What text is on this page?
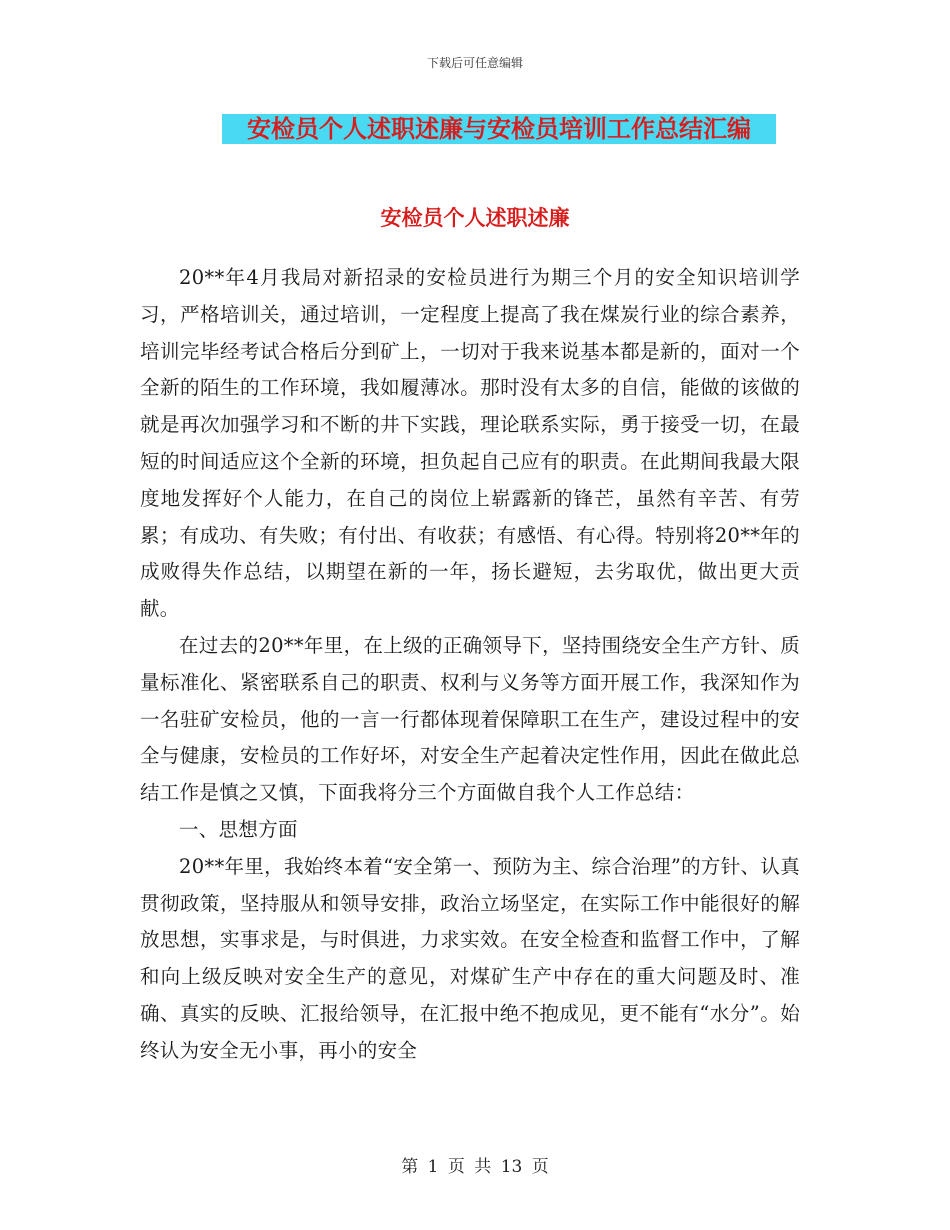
下载后可任意编辑
安检员个人述职述廉与安检员培训工作总结汇编
安检员个人述职述廉

20**年4月我局对新招录的安检员进行为期三个月的安全知识培训学习，严格培训关，通过培训，一定程度上提高了我在煤炭行业的综合素养，培训完毕经考试合格后分到矿上，一切对于我来说基本都是新的，面对一个全新的陌生的工作环境，我如履薄冰。那时没有太多的自信，能做的该做的就是再次加强学习和不断的井下实践，理论联系实际，勇于接受一切，在最短的时间适应这个全新的环境，担负起自己应有的职责。在此期间我最大限度地发挥好个人能力，在自己的岗位上崭露新的锋芒，虽然有辛苦、有劳累；有成功、有失败；有付出、有收获；有感悟、有心得。特别将20**年的成败得失作总结，以期望在新的一年，扬长避短，去劣取优，做出更大贡献。

在过去的20**年里，在上级的正确领导下，坚持围绕安全生产方针、质量标准化、紧密联系自己的职责、权利与义务等方面开展工作，我深知作为一名驻矿安检员，他的一言一行都体现着保障职工在生产，建设过程中的安全与健康，安检员的工作好坏，对安全生产起着决定性作用，因此在做此总结工作是慎之又慎，下面我将分三个方面做自我个人工作总结：

一、思想方面

20**年里，我始终本着“安全第一、预防为主、综合治理”的方针、认真贯彻政策，坚持服从和领导安排，政治立场坚定，在实际工作中能很好的解放思想，实事求是，与时俱进，力求实效。在安全检查和监督工作中，了解和向上级反映对安全生产的意见，对煤矿生产中存在的重大问题及时、准确、真实的反映、汇报给领导，在汇报中绝不抱成见，更不能有“水分”。始终认为安全无小事，再小的安全

第 1 页 共 13 页
